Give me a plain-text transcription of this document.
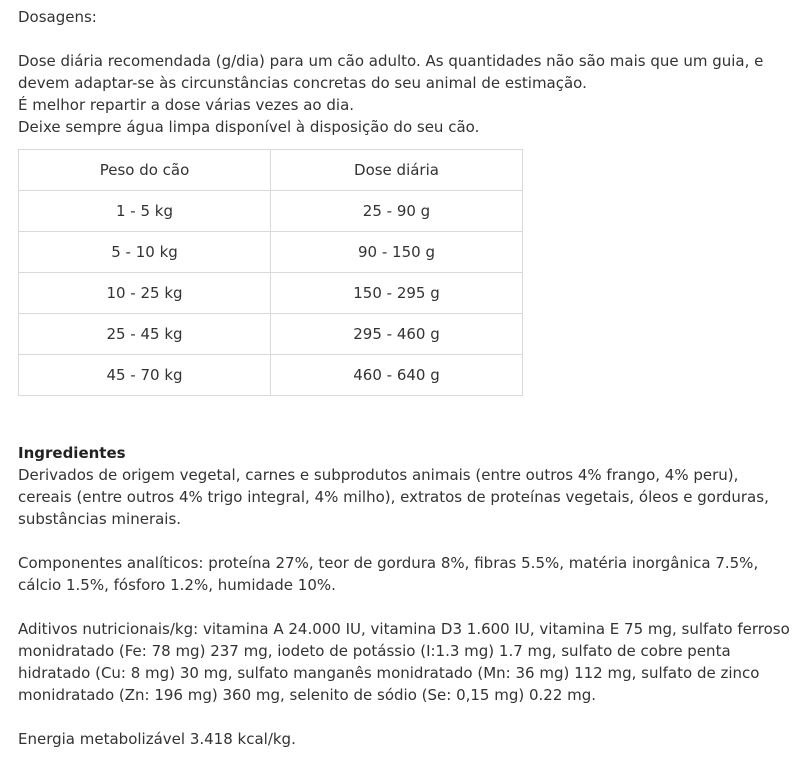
Dosagens:

Dose diária recomendada (g/dia) para um cão adulto. As quantidades não são mais que um guia, e devem adaptar-se às circunstâncias concretas do seu animal de estimação.

É melhor repartir a dose várias vezes ao dia.

Deixe sempre água limpa disponível à disposição do seu cão.

Peso do cão	Dose diária
1 - 5 kg	25 - 90 g
5 - 10 kg	90 - 150 g
10 - 25 kg	150 - 295 g
25 - 45 kg	295 - 460 g
45 - 70 kg	460 - 640 g

Ingredientes

Derivados de origem vegetal, carnes e subprodutos animais (entre outros 4% frango, 4% peru), cereais (entre outros 4% trigo integral, 4% milho), extratos de proteínas vegetais, óleos e gorduras, substâncias minerais.

Componentes analíticos: proteína 27%, teor de gordura 8%, fibras 5.5%, matéria inorgânica 7.5%, cálcio 1.5%, fósforo 1.2%, humidade 10%.

Aditivos nutricionais/kg: vitamina A 24.000 IU, vitamina D3 1.600 IU, vitamina E 75 mg, sulfato ferroso monidratado (Fe: 78 mg) 237 mg, iodeto de potássio (I:1.3 mg) 1.7 mg, sulfato de cobre penta hidratado (Cu: 8 mg) 30 mg, sulfato manganês monidratado (Mn: 36 mg) 112 mg, sulfato de zinco monidratado (Zn: 196 mg) 360 mg, selenito de sódio (Se: 0,15 mg) 0.22 mg.

Energia metabolizável 3.418 kcal/kg.
